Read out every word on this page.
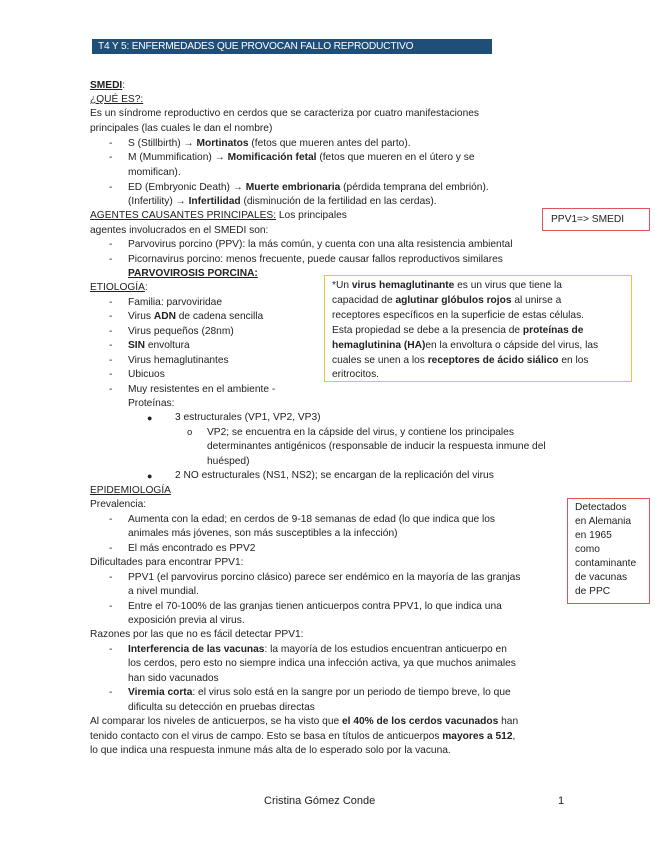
T4 Y 5: ENFERMEDADES QUE PROVOCAN FALLO REPRODUCTIVO
SMEDI:
¿QUÉ ES?:
Es un síndrome reproductivo en cerdos que se caracteriza por cuatro manifestaciones
principales (las cuales le dan el nombre)
- S (Stillbirth) → Mortinatos (fetos que mueren antes del parto).
- M (Mummification) → Momificación fetal (fetos que mueren en el útero y se
momifican).
- ED (Embryonic Death) → Muerte embrionaria (pérdida temprana del embrión).
(Infertility) → Infertilidad (disminución de la fertilidad en las cerdas).
AGENTES CAUSANTES PRINCIPALES: Los principales
agentes involucrados en el SMEDI son:
- Parvovirus porcino (PPV): la más común, y cuenta con una alta resistencia ambiental
- Picornavirus porcino: menos frecuente, puede causar fallos reproductivos similares
PPV1=> SMEDI
PARVOVIROSIS PORCINA:
ETIOLOGÍA:
- Familia: parvoviridae
- Virus ADN de cadena sencilla
- Virus pequeños (28nm)
- SIN envoltura
- Virus hemaglutinantes
- Ubicuos
- Muy resistentes en el ambiente -
Proteínas:
● 3 estructurales (VP1, VP2, VP3)
o VP2; se encuentra en la cápside del virus, y contiene los principales
determinantes antigénicos (responsable de inducir la respuesta inmune del
huésped)
● 2 NO estructurales (NS1, NS2); se encargan de la replicación del virus
*Un virus hemaglutinante es un virus que tiene la
capacidad de aglutinar glóbulos rojos al unirse a
receptores específicos en la superficie de estas células.
Esta propiedad se debe a la presencia de proteínas de
hemaglutinina (HA)en la envoltura o cápside del virus, las
cuales se unen a los receptores de ácido siálico en los
eritrocitos.
EPIDEMIOLOGÍA
Prevalencia:
- Aumenta con la edad; en cerdos de 9-18 semanas de edad (lo que indica que los
animales más jóvenes, son más susceptibles a la infección)
- El más encontrado es PPV2
Dificultades para encontrar PPV1:
- PPV1 (el parvovirus porcino clásico) parece ser endémico en la mayoría de las granjas
a nivel mundial.
- Entre el 70-100% de las granjas tienen anticuerpos contra PPV1, lo que indica una
exposición previa al virus.
Razones por las que no es fácil detectar PPV1:
- Interferencia de las vacunas: la mayoría de los estudios encuentran anticuerpo en
los cerdos, pero esto no siempre indica una infección activa, ya que muchos animales
han sido vacunados
- Viremia corta: el virus solo está en la sangre por un periodo de tiempo breve, lo que
dificulta su detección en pruebas directas
Al comparar los niveles de anticuerpos, se ha visto que el 40% de los cerdos vacunados han
tenido contacto con el virus de campo. Esto se basa en títulos de anticuerpos mayores a 512,
lo que indica una respuesta inmune más alta de lo esperado solo por la vacuna.
Detectados
en Alemania
en 1965
como
contaminante
de vacunas
de PPC
Cristina Gómez Conde	1
